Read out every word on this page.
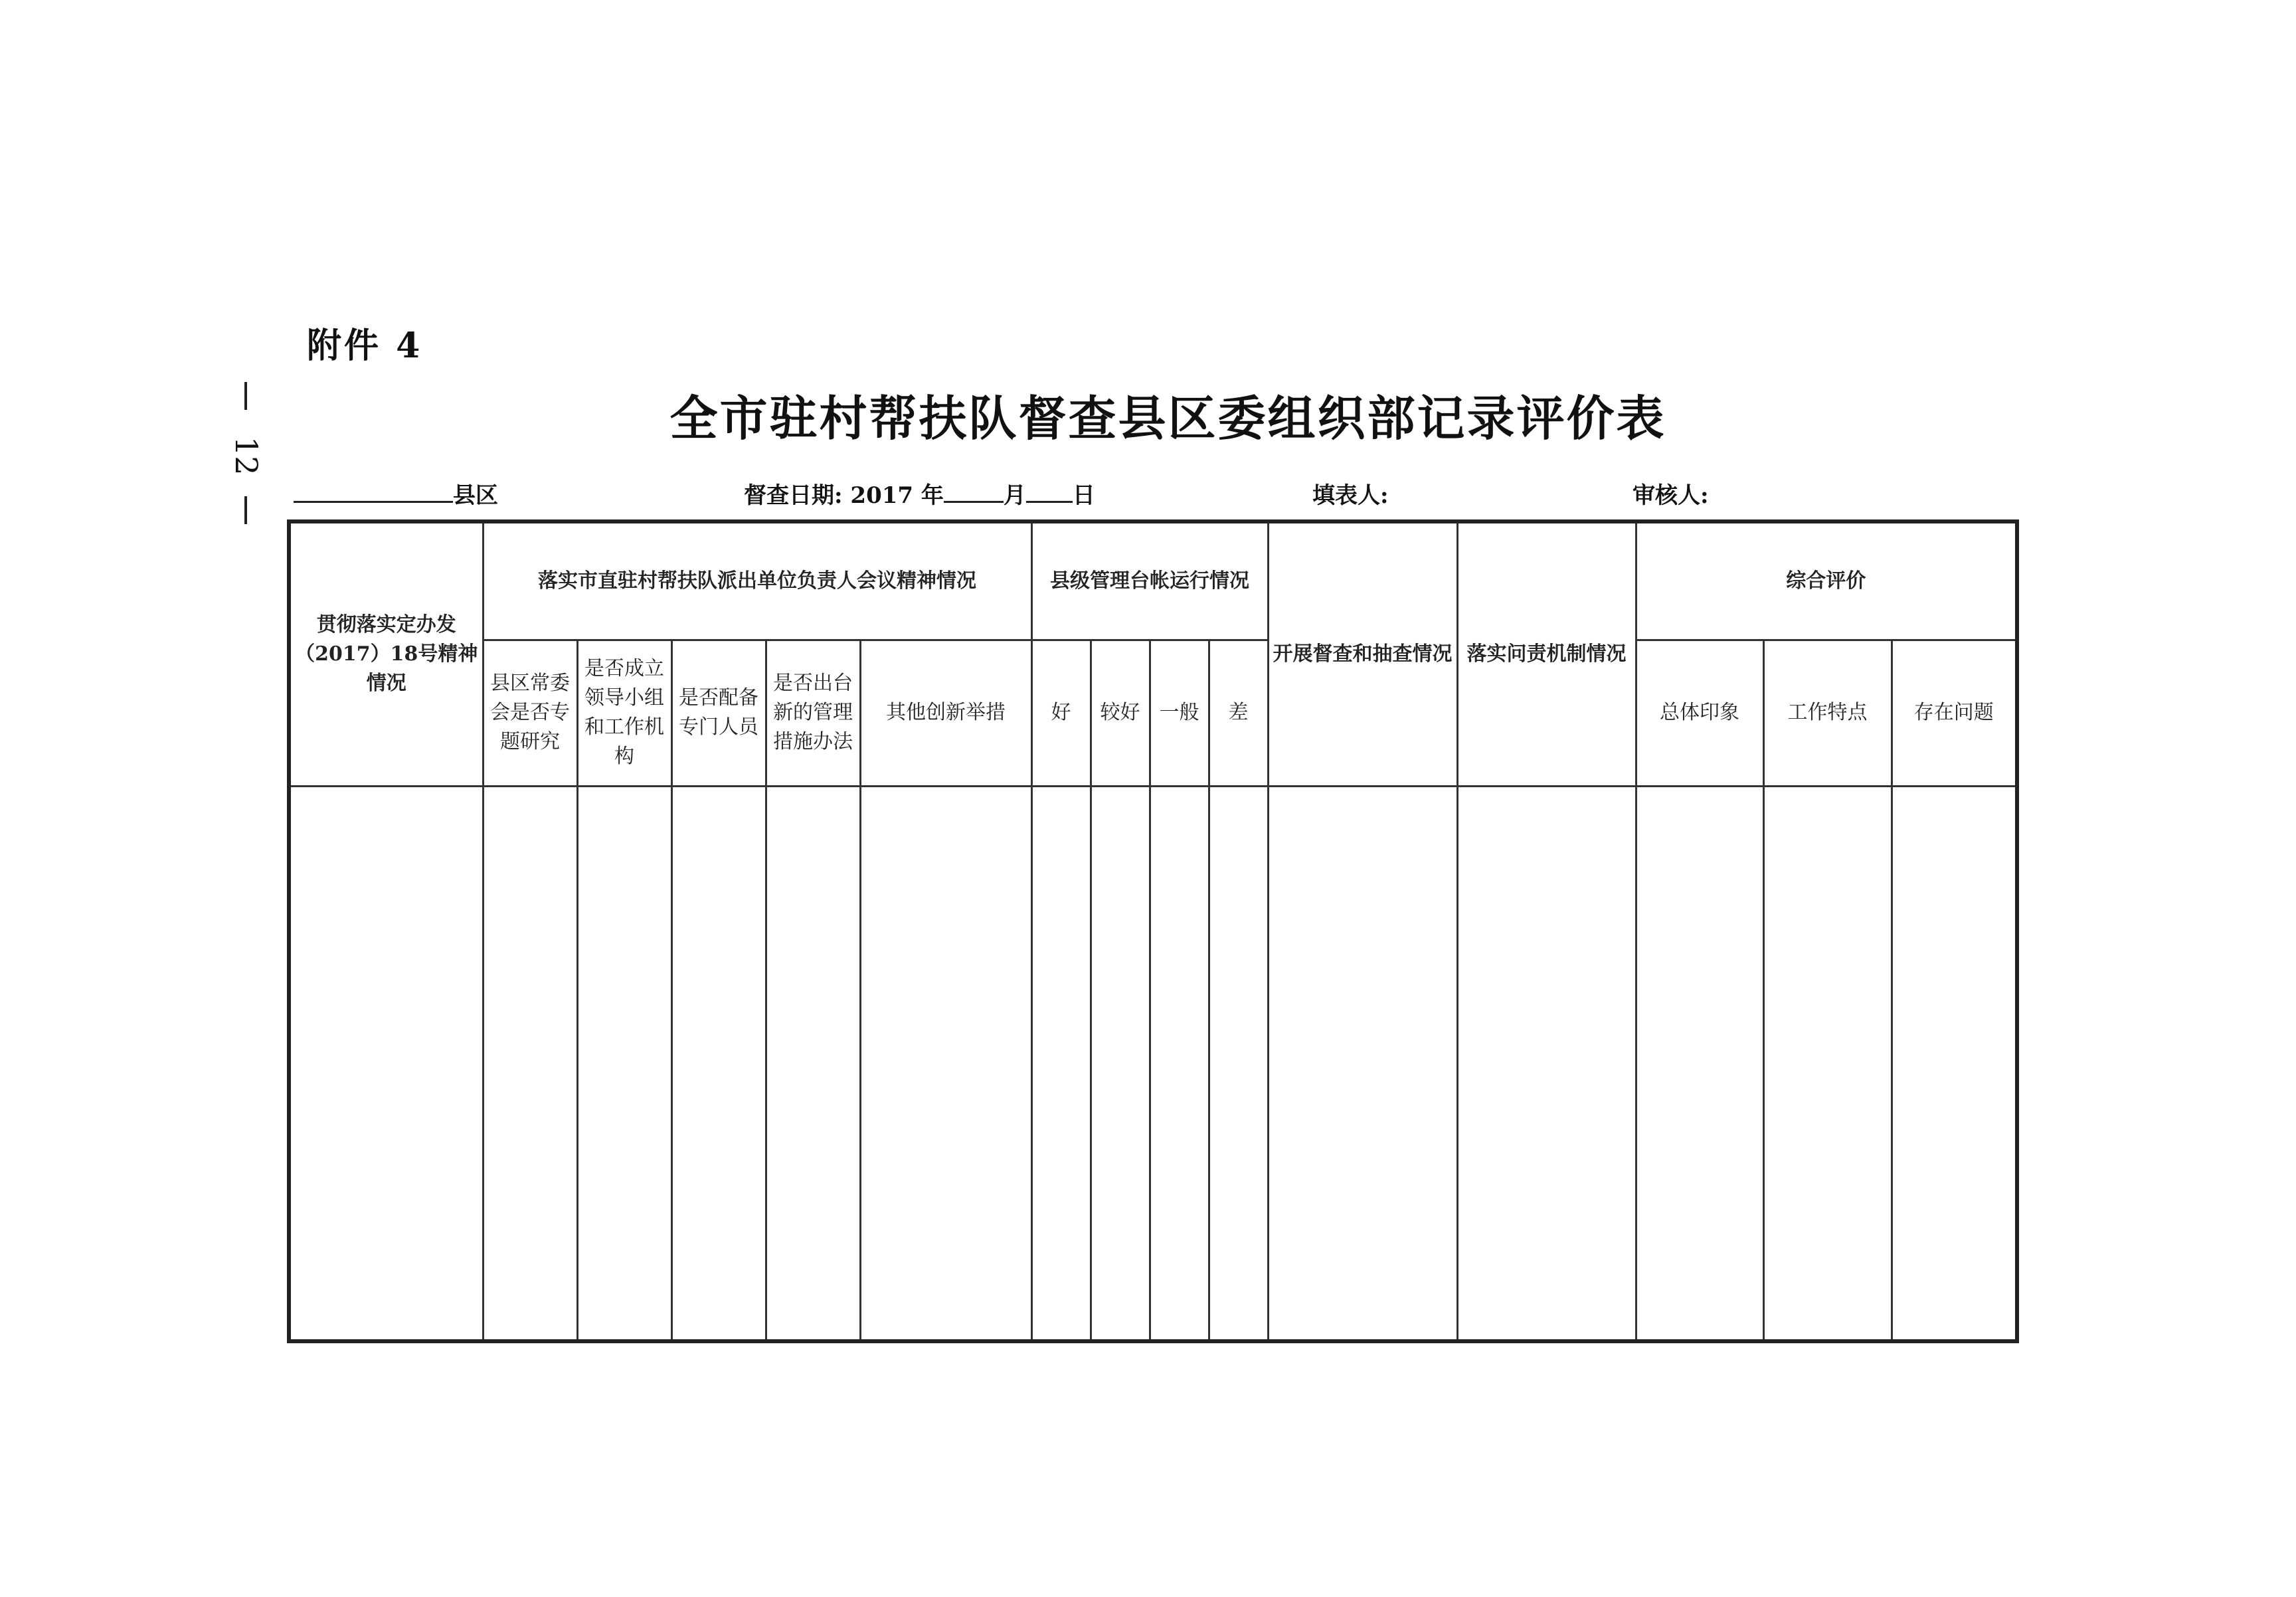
附件 4
12
全市驻村帮扶队督查县区委组织部记录评价表
县区	督查日期: 2017 年	月 日	填表人:	审核人:
贯彻落实定办发（2017）18号精神情况	落实市直驻村帮扶队派出单位负责人会议精神情况					县级管理台帐运行情况				开展督查和抽查情况	落实问责机制情况	综合评价		
	县区常委会是否专题研究	是否成立领导小组和工作机构	是否配备专门人员	是否出台新的管理措施办法	其他创新举措	好	较好	一般	差			总体印象	工作特点	存在问题
